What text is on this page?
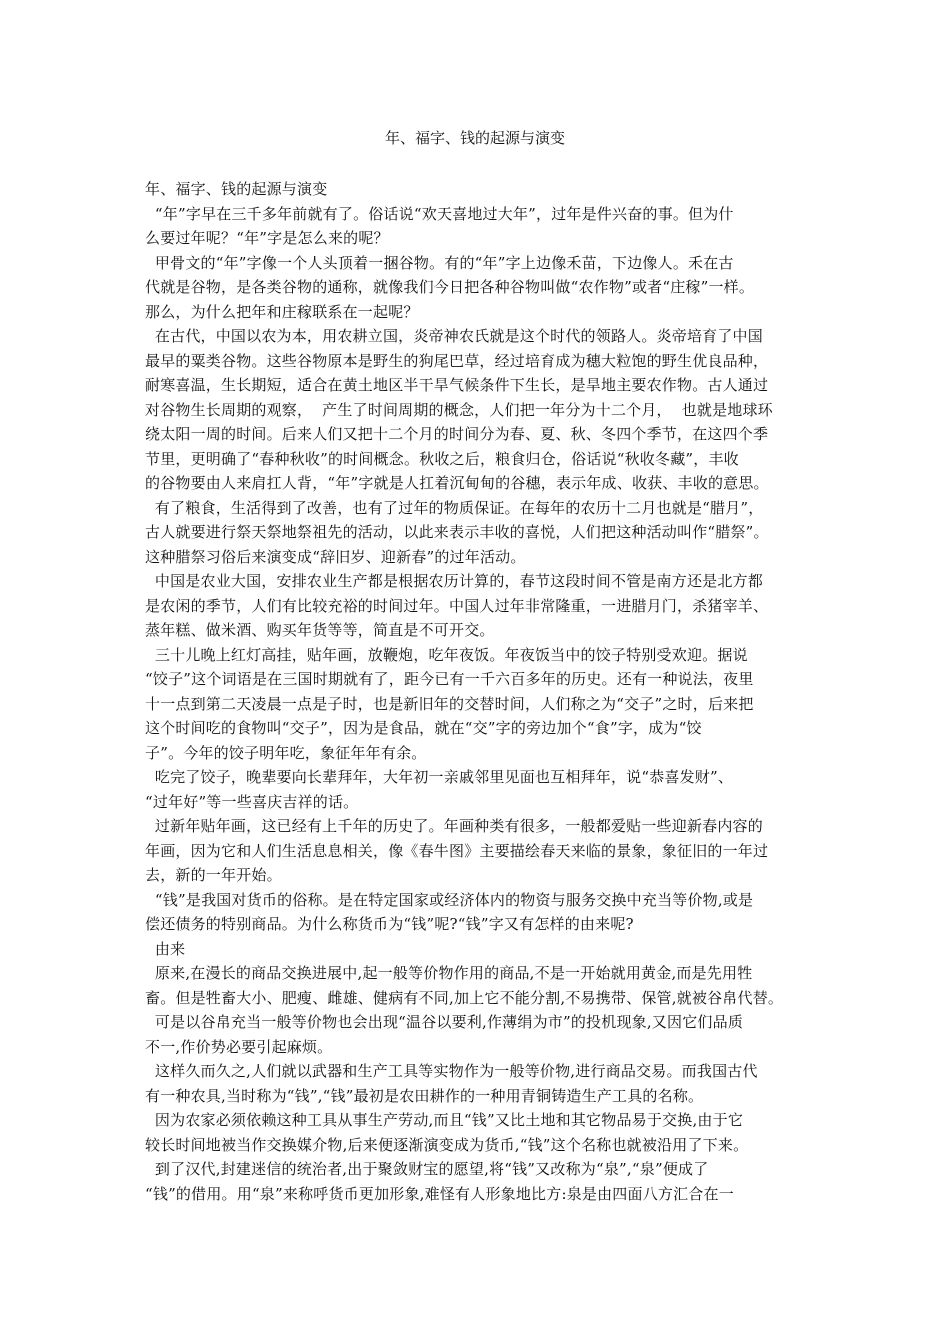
年、福字、钱的起源与演变
年、福字、钱的起源与演变
“年”字早在三千多年前就有了。俗话说“欢天喜地过大年”，过年是件兴奋的事。但为什
么要过年呢？“年”字是怎么来的呢？
甲骨文的“年”字像一个人头顶着一捆谷物。有的“年”字上边像禾苗，下边像人。禾在古
代就是谷物，是各类谷物的通称，就像我们今日把各种谷物叫做“农作物”或者“庄稼”一样。
那么，为什么把年和庄稼联系在一起呢？
在古代，中国以农为本，用农耕立国，炎帝神农氏就是这个时代的领路人。炎帝培育了中国
最早的粟类谷物。这些谷物原本是野生的狗尾巴草，经过培育成为穗大粒饱的野生优良品种，
耐寒喜温，生长期短，适合在黄土地区半干旱气候条件下生长，是旱地主要农作物。古人通过
对谷物生长周期的观察，  产生了时间周期的概念，人们把一年分为十二个月，  也就是地球环
绕太阳一周的时间。后来人们又把十二个月的时间分为春、夏、秋、冬四个季节，在这四个季
节里，更明确了“春种秋收”的时间概念。秋收之后，粮食归仓，俗话说“秋收冬藏”，丰收
的谷物要由人来肩扛人背，“年”字就是人扛着沉甸甸的谷穗，表示年成、收获、丰收的意思。
有了粮食，生活得到了改善，也有了过年的物质保证。在每年的农历十二月也就是“腊月”，
古人就要进行祭天祭地祭祖先的活动，以此来表示丰收的喜悦，人们把这种活动叫作“腊祭”。
这种腊祭习俗后来演变成“辞旧岁、迎新春”的过年活动。
中国是农业大国，安排农业生产都是根据农历计算的，春节这段时间不管是南方还是北方都
是农闲的季节，人们有比较充裕的时间过年。中国人过年非常隆重，一进腊月门，杀猪宰羊、
蒸年糕、做米酒、购买年货等等，简直是不可开交。
三十儿晚上红灯高挂，贴年画，放鞭炮，吃年夜饭。年夜饭当中的饺子特别受欢迎。据说
“饺子”这个词语是在三国时期就有了，距今已有一千六百多年的历史。还有一种说法，夜里
十一点到第二天凌晨一点是子时，也是新旧年的交替时间，人们称之为“交子”之时，后来把
这个时间吃的食物叫“交子”，因为是食品，就在“交”字的旁边加个“食”字，成为“饺
子”。今年的饺子明年吃，象征年年有余。
吃完了饺子，晚辈要向长辈拜年，大年初一亲戚邻里见面也互相拜年，说“恭喜发财”、
“过年好”等一些喜庆吉祥的话。
过新年贴年画，这已经有上千年的历史了。年画种类有很多，一般都爱贴一些迎新春内容的
年画，因为它和人们生活息息相关，像《春牛图》主要描绘春天来临的景象，象征旧的一年过
去，新的一年开始。
“钱”是我国对货币的俗称。是在特定国家或经济体内的物资与服务交换中充当等价物,或是
偿还债务的特别商品。为什么称货币为“钱”呢?“钱”字又有怎样的由来呢?
由来
原来,在漫长的商品交换进展中,起一般等价物作用的商品,不是一开始就用黄金,而是先用牲
畜。但是牲畜大小、肥瘦、雌雄、健病有不同,加上它不能分割,不易携带、保管,就被谷帛代替。
可是以谷帛充当一般等价物也会出现“温谷以要利,作薄绢为市”的投机现象,又因它们品质
不一,作价势必要引起麻烦。
这样久而久之,人们就以武器和生产工具等实物作为一般等价物,进行商品交易。而我国古代
有一种农具,当时称为“钱”,“钱”最初是农田耕作的一种用青铜铸造生产工具的名称。
因为农家必须依赖这种工具从事生产劳动,而且“钱”又比土地和其它物品易于交换,由于它
较长时间地被当作交换媒介物,后来便逐渐演变成为货币,“钱”这个名称也就被沿用了下来。
到了汉代,封建迷信的统治者,出于聚敛财宝的愿望,将“钱”又改称为“泉”,“泉”便成了
“钱”的借用。用“泉”来称呼货币更加形象,难怪有人形象地比方:泉是由四面八方汇合在一
